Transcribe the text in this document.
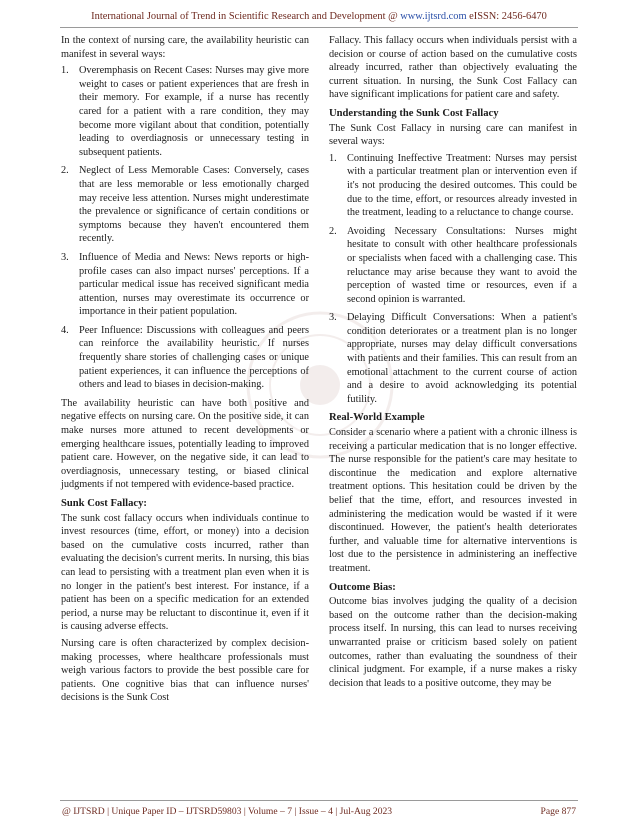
International Journal of Trend in Scientific Research and Development @ www.ijtsrd.com eISSN: 2456-6470

In the context of nursing care, the availability heuristic can manifest in several ways:

1. Overemphasis on Recent Cases: Nurses may give more weight to cases or patient experiences that are fresh in their memory. For example, if a nurse has recently cared for a patient with a rare condition, they may become more vigilant about that condition, potentially leading to overdiagnosis or unnecessary testing in subsequent patients.
2. Neglect of Less Memorable Cases: Conversely, cases that are less memorable or less emotionally charged may receive less attention. Nurses might underestimate the prevalence or significance of certain conditions or symptoms because they haven't encountered them recently.
3. Influence of Media and News: News reports or high-profile cases can also impact nurses' perceptions. If a particular medical issue has received significant media attention, nurses may overestimate its occurrence or importance in their patient population.
4. Peer Influence: Discussions with colleagues and peers can reinforce the availability heuristic. If nurses frequently share stories of challenging cases or unique patient experiences, it can influence the perceptions of others and lead to biases in decision-making.

The availability heuristic can have both positive and negative effects on nursing care. On the positive side, it can make nurses more attuned to recent developments or emerging healthcare issues, potentially leading to improved patient care. However, on the negative side, it can lead to overdiagnosis, unnecessary testing, or biased clinical judgments if not tempered with evidence-based practice.

Sunk Cost Fallacy:

The sunk cost fallacy occurs when individuals continue to invest resources (time, effort, or money) into a decision based on the cumulative costs incurred, rather than evaluating the decision's current merits. In nursing, this bias can lead to persisting with a treatment plan even when it is no longer in the patient's best interest. For instance, if a patient has been on a specific medication for an extended period, a nurse may be reluctant to discontinue it, even if it is causing adverse effects.

Nursing care is often characterized by complex decision-making processes, where healthcare professionals must weigh various factors to provide the best possible care for patients. One cognitive bias that can influence nurses' decisions is the Sunk Cost

Fallacy. This fallacy occurs when individuals persist with a decision or course of action based on the cumulative costs already incurred, rather than objectively evaluating the current situation. In nursing, the Sunk Cost Fallacy can have significant implications for patient care and safety.

Understanding the Sunk Cost Fallacy

The Sunk Cost Fallacy in nursing care can manifest in several ways:

1. Continuing Ineffective Treatment: Nurses may persist with a particular treatment plan or intervention even if it's not producing the desired outcomes. This could be due to the time, effort, or resources already invested in the treatment, leading to a reluctance to change course.
2. Avoiding Necessary Consultations: Nurses might hesitate to consult with other healthcare professionals or specialists when faced with a challenging case. This reluctance may arise because they want to avoid the perception of wasted time or resources, even if a second opinion is warranted.
3. Delaying Difficult Conversations: When a patient's condition deteriorates or a treatment plan is no longer appropriate, nurses may delay difficult conversations with patients and their families. This can result from an emotional attachment to the current course of action and a desire to avoid acknowledging its potential futility.
Real-World Example

Consider a scenario where a patient with a chronic illness is receiving a particular medication that is no longer effective. The nurse responsible for the patient's care may hesitate to discontinue the medication and explore alternative treatment options. This hesitation could be driven by the belief that the time, effort, and resources invested in administering the medication would be wasted if it were discontinued. However, the patient's health deteriorates further, and valuable time for alternative interventions is lost due to the persistence in administering an ineffective treatment.

Outcome Bias:

Outcome bias involves judging the quality of a decision based on the outcome rather than the decision-making process itself. In nursing, this can lead to nurses receiving unwarranted praise or criticism based solely on patient outcomes, rather than evaluating the soundness of their clinical judgment. For example, if a nurse makes a risky decision that leads to a positive outcome, they may be

@ IJTSRD | Unique Paper ID – IJTSRD59803 | Volume – 7 | Issue – 4 | Jul-Aug 2023	Page 877
